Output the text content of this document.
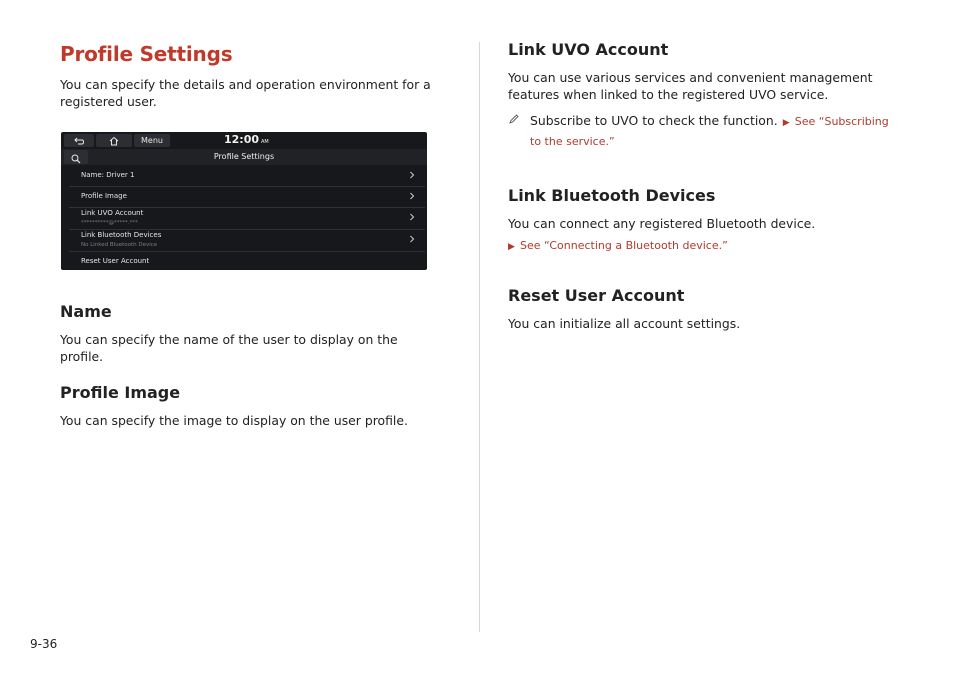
Profile Settings

You can specify the details and operation environment for a registered user.

Menu	12:00 AM
Profile Settings
Name: Driver 1
Profile Image
Link UVO Account
**********@*****.***
Link Bluetooth Devices
No Linked Bluetooth Device
Reset User Account
Name

You can specify the name of the user to display on the profile.

Profile Image

You can specify the image to display on the user profile.

Link UVO Account

You can use various services and convenient management features when linked to the registered UVO service.

Subscribe to UVO to check the function. ▶ See “Subscribing to the service.”
Link Bluetooth Devices

You can connect any registered Bluetooth device.

▶ See “Connecting a Bluetooth device.”
Reset User Account

You can initialize all account settings.

9-36
